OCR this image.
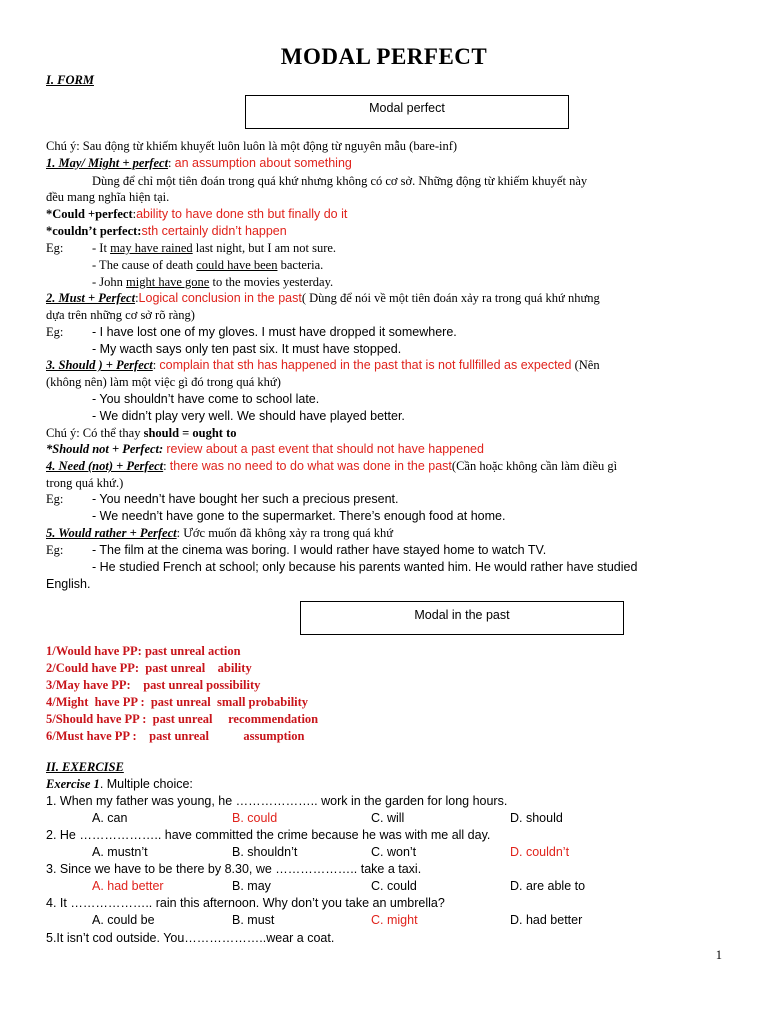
MODAL PERFECT
I. FORM
Modal perfect
Chú ý: Sau động từ khiếm khuyết luôn luôn là một động từ nguyên mẫu (bare-inf)
1. May/ Might + perfect: an assumption about something
Dùng để chỉ một tiên đoán trong quá khứ nhưng không có cơ sở. Những động từ khiếm khuyết này
đều mang nghĩa hiện tại.
*Could +perfect:ability to have done sth but finally do it
*couldn’t perfect:sth certainly didn’t happen
Eg: - It may have rained last night, but I am not sure.
- The cause of death could have been bacteria.
- John might have gone to the movies yesterday.
2. Must + Perfect:Logical conclusion in the past( Dùng để nói về một tiên đoán xảy ra trong quá khứ nhưng
dựa trên những cơ sở rõ ràng)
Eg: - I have lost one of my gloves. I must have dropped it somewhere.
- My wacth says only ten past six. It must have stopped.
3. Should ) + Perfect: complain that sth has happened in the past that is not fullfilled as expected (Nên
(không nên) làm một việc gì đó trong quá khứ)
- You shouldn’t have come to school late.
- We didn’t play very well. We should have played better.
Chú ý: Có thể thay should = ought to
*Should not + Perfect: review about a past event that should not have happened
4. Need (not) + Perfect: there was no need to do what was done in the past(Cần hoặc không cần làm điều gì
trong quá khứ.)
Eg: - You needn’t have bought her such a precious present.
- We needn’t have gone to the supermarket. There’s enough food at home.
5. Would rather + Perfect: Ước muốn đã không xảy ra trong quá khứ
Eg: - The film at the cinema was boring. I would rather have stayed home to watch TV.
- He studied French at school; only because his parents wanted him. He would rather have studied
English.
Modal in the past
1/Would have PP: past unreal action
2/Could have PP:  past unreal    ability
3/May have PP:    past unreal possibility
4/Might  have PP :  past unreal  small probability
5/Should have PP :  past unreal     recommendation
6/Must have PP :    past unreal           assumption
II. EXERCISE
Exercise 1. Multiple choice:
1. When my father was young, he ……………….. work in the garden for long hours.
A. can	B. could	C. will	D. should
2. He ……………….. have committed the crime because he was with me all day.
A. mustn’t	B. shouldn’t	C. won’t	D. couldn’t
3. Since we have to be there by 8.30, we ……………….. take a taxi.
A. had better	B. may	C. could	D. are able to
4. It ……………….. rain this afternoon. Why don’t you take an umbrella?
A. could be	B. must	C. might	D. had better
5.It isn’t cod outside. You………………..wear a coat.
1
